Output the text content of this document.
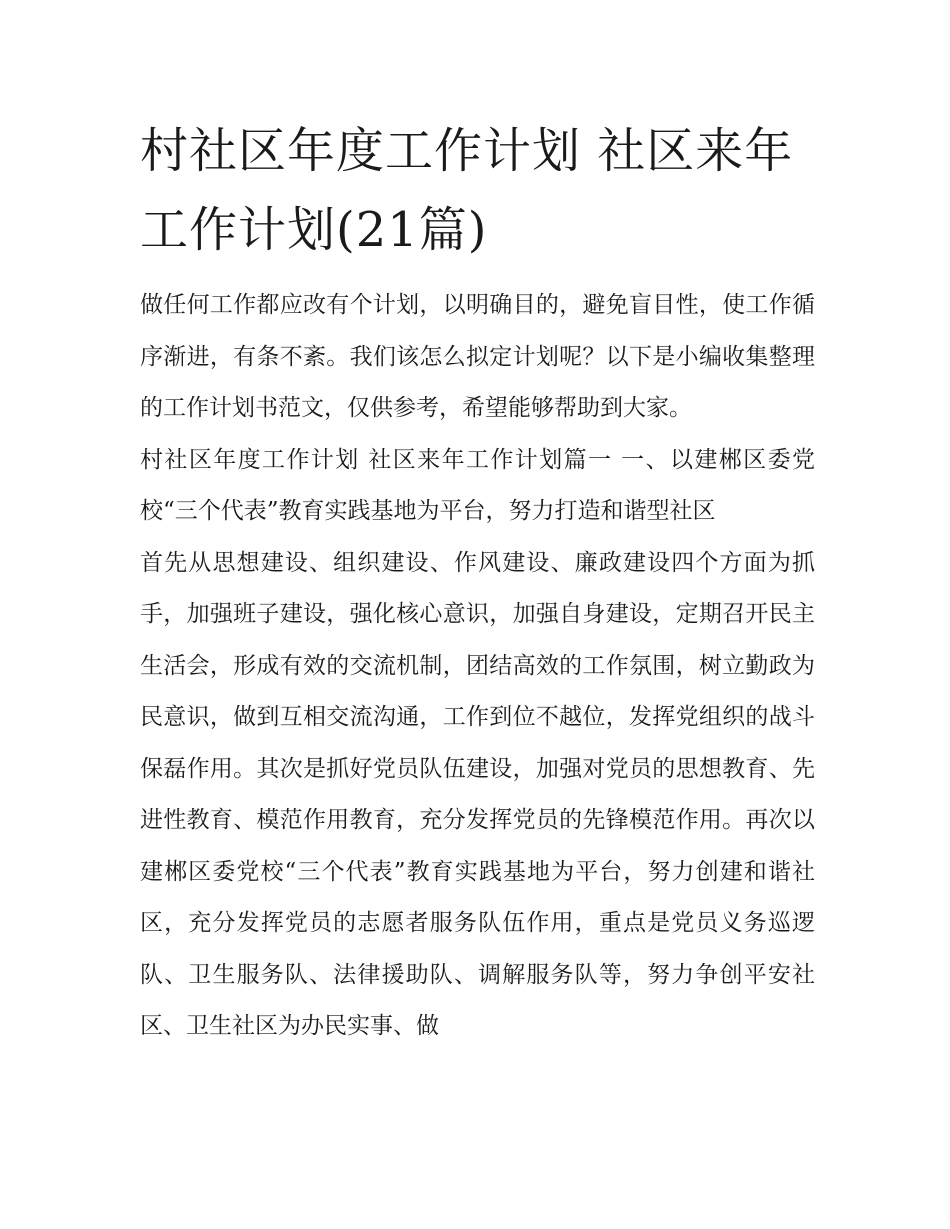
村社区年度工作计划 社区来年工作计划(21篇)

做任何工作都应改有个计划，以明确目的，避免盲目性，使工作循序渐进，有条不紊。我们该怎么拟定计划呢？以下是小编收集整理的工作计划书范文，仅供参考，希望能够帮助到大家。

村社区年度工作计划 社区来年工作计划篇一 一、以建郴区委党校“三个代表”教育实践基地为平台，努力打造和谐型社区

首先从思想建设、组织建设、作风建设、廉政建设四个方面为抓手，加强班子建设，强化核心意识，加强自身建设，定期召开民主生活会，形成有效的交流机制，团结高效的工作氛围，树立勤政为民意识，做到互相交流沟通，工作到位不越位，发挥党组织的战斗保磊作用。其次是抓好党员队伍建设，加强对党员的思想教育、先进性教育、模范作用教育，充分发挥党员的先锋模范作用。再次以建郴区委党校“三个代表”教育实践基地为平台，努力创建和谐社区，充分发挥党员的志愿者服务队伍作用，重点是党员义务巡逻队、卫生服务队、法律援助队、调解服务队等，努力争创平安社区、卫生社区为办民实事、做
